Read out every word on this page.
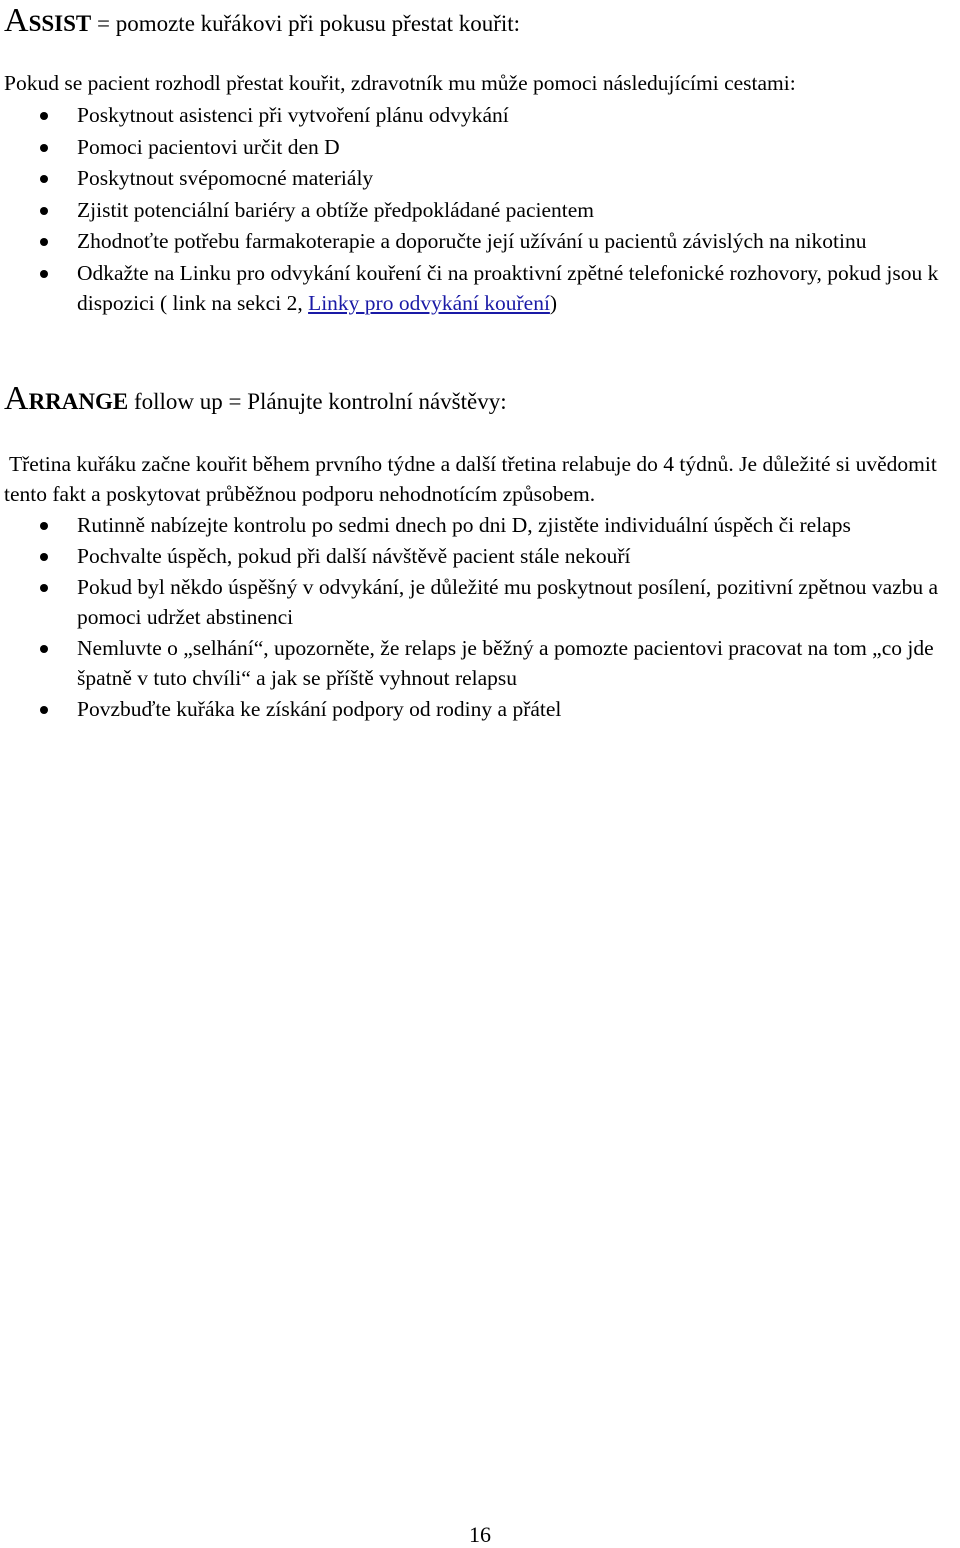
ASSIST = pomozte kuřákovi při pokusu přestat kouřit:

Pokud se pacient rozhodl přestat kouřit, zdravotník mu může pomoci následujícími cestami:

Poskytnout asistenci při vytvoření plánu odvykání
Pomoci pacientovi určit den D
Poskytnout svépomocné materiály
Zjistit potenciální bariéry a obtíže předpokládané pacientem
Zhodnoťte potřebu farmakoterapie a doporučte její užívání u pacientů závislých na nikotinu
Odkažte na Linku pro odvykání kouření či na proaktivní zpětné telefonické rozhovory, pokud jsou k dispozici ( link na sekci 2, Linky pro odvykání kouření)
ARRANGE follow up = Plánujte kontrolní návštěvy:

Třetina kuřáku začne kouřit během prvního týdne a další třetina relabuje do 4 týdnů. Je důležité si uvědomit tento fakt a poskytovat průběžnou podporu nehodnotícím způsobem.

Rutinně nabízejte kontrolu po sedmi dnech po dni D, zjistěte individuální úspěch či relaps
Pochvalte úspěch, pokud při další návštěvě pacient stále nekouří
Pokud byl někdo úspěšný v odvykání, je důležité mu poskytnout posílení, pozitivní zpětnou vazbu a pomoci udržet abstinenci
Nemluvte o „selhání“, upozorněte, že relaps je běžný a pomozte pacientovi pracovat na tom „co jde špatně v tuto chvíli“ a jak se příště vyhnout relapsu
Povzbuďte kuřáka ke získání podpory od rodiny a přátel
16
